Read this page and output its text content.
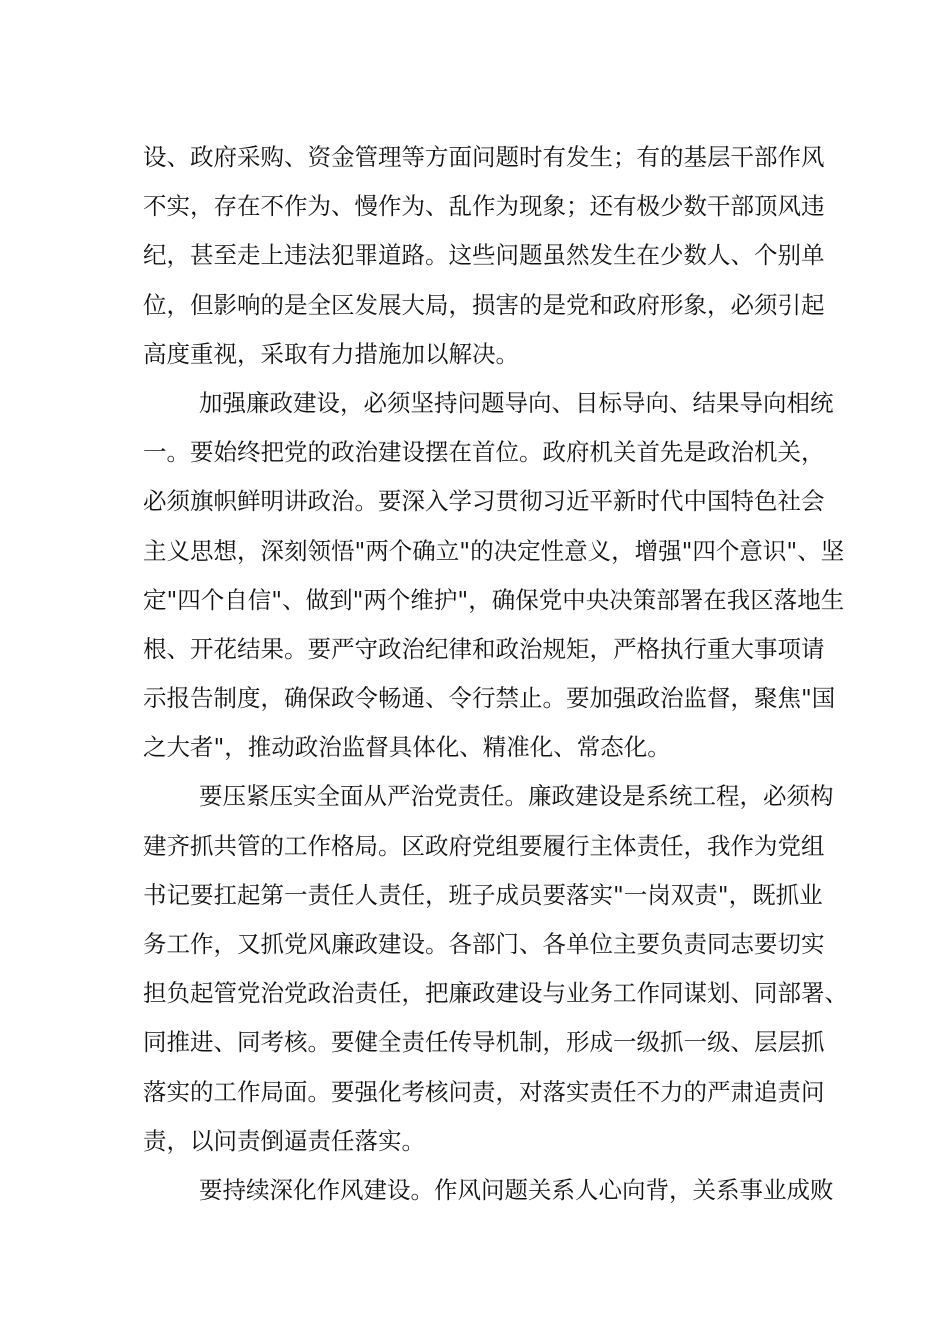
设、政府采购、资金管理等方面问题时有发生；有的基层干部作风
不实，存在不作为、慢作为、乱作为现象；还有极少数干部顶风违
纪，甚至走上违法犯罪道路。这些问题虽然发生在少数人、个别单
位，但影响的是全区发展大局，损害的是党和政府形象，必须引起
高度重视，采取有力措施加以解决。
加强廉政建设，必须坚持问题导向、目标导向、结果导向相统
一。要始终把党的政治建设摆在首位。政府机关首先是政治机关，
必须旗帜鲜明讲政治。要深入学习贯彻习近平新时代中国特色社会
主义思想，深刻领悟"两个确立"的决定性意义，增强"四个意识"、坚
定"四个自信"、做到"两个维护"，确保党中央决策部署在我区落地生
根、开花结果。要严守政治纪律和政治规矩，严格执行重大事项请
示报告制度，确保政令畅通、令行禁止。要加强政治监督，聚焦"国
之大者"，推动政治监督具体化、精准化、常态化。
要压紧压实全面从严治党责任。廉政建设是系统工程，必须构
建齐抓共管的工作格局。区政府党组要履行主体责任，我作为党组
书记要扛起第一责任人责任，班子成员要落实"一岗双责"，既抓业
务工作，又抓党风廉政建设。各部门、各单位主要负责同志要切实
担负起管党治党政治责任，把廉政建设与业务工作同谋划、同部署、
同推进、同考核。要健全责任传导机制，形成一级抓一级、层层抓
落实的工作局面。要强化考核问责，对落实责任不力的严肃追责问
责，以问责倒逼责任落实。
要持续深化作风建设。作风问题关系人心向背，关系事业成败
